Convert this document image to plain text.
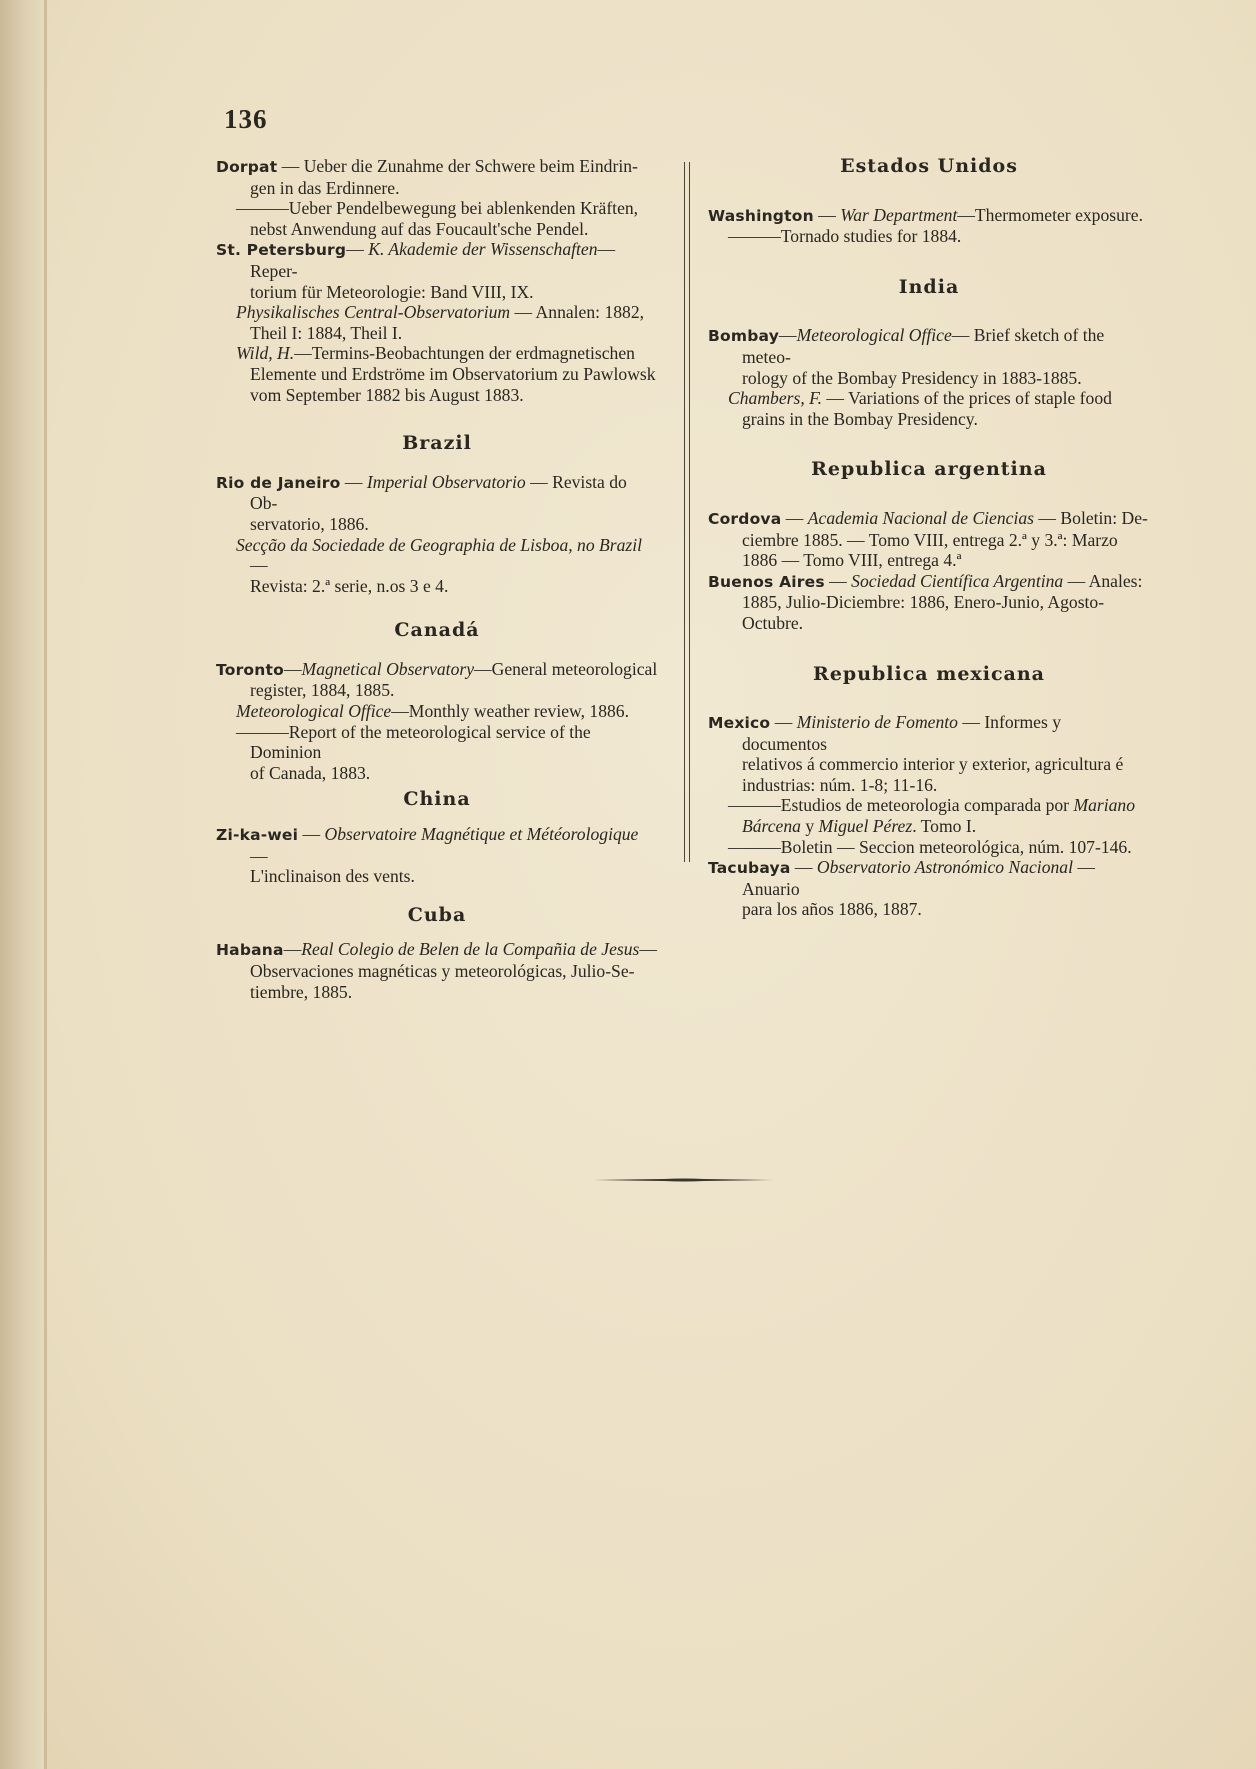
136
Dorpat — Ueber die Zunahme der Schwere beim Eindrin-
gen in das Erdinnere.
———Ueber Pendelbewegung bei ablenkenden Kräften,
nebst Anwendung auf das Foucault'sche Pendel.
St. Petersburg— K. Akademie der Wissenschaften—Reper-
torium für Meteorologie: Band VIII, IX.
Physikalisches Central-Observatorium — Annalen: 1882,
Theil I: 1884, Theil I.
Wild, H.—Termins-Beobachtungen der erdmagnetischen
Elemente und Erdströme im Observatorium zu Pawlowsk
vom September 1882 bis August 1883.
Brazil
Rio de Janeiro — Imperial Observatorio — Revista do Ob-
servatorio, 1886.
Secção da Sociedade de Geographia de Lisboa, no Brazil—
Revista: 2.ª serie, n.os 3 e 4.
Canadá
Toronto—Magnetical Observatory—General meteorological
register, 1884, 1885.
Meteorological Office—Monthly weather review, 1886.
———Report of the meteorological service of the Dominion
of Canada, 1883.
China
Zi-ka-wei — Observatoire Magnétique et Météorologique —
L'inclinaison des vents.
Cuba
Habana—Real Colegio de Belen de la Compañia de Jesus—
Observaciones magnéticas y meteorológicas, Julio-Se-
tiembre, 1885.
Estados Unidos
Washington — War Department—Thermometer exposure.
———Tornado studies for 1884.
India
Bombay—Meteorological Office— Brief sketch of the meteo-
rology of the Bombay Presidency in 1883-1885.
Chambers, F. — Variations of the prices of staple food
grains in the Bombay Presidency.
Republica argentina
Cordova — Academia Nacional de Ciencias — Boletin: De-
ciembre 1885. — Tomo VIII, entrega 2.ª y 3.ª: Marzo
1886 — Tomo VIII, entrega 4.ª
Buenos Aires — Sociedad Científica Argentina — Anales:
1885, Julio-Diciembre: 1886, Enero-Junio, Agosto-
Octubre.
Republica mexicana
Mexico — Ministerio de Fomento — Informes y documentos
relativos á commercio interior y exterior, agricultura é
industrias: núm. 1-8; 11-16.
———Estudios de meteorologia comparada por Mariano
Bárcena y Miguel Pérez. Tomo I.
———Boletin — Seccion meteorológica, núm. 107-146.
Tacubaya — Observatorio Astronómico Nacional — Anuario
para los años 1886, 1887.
